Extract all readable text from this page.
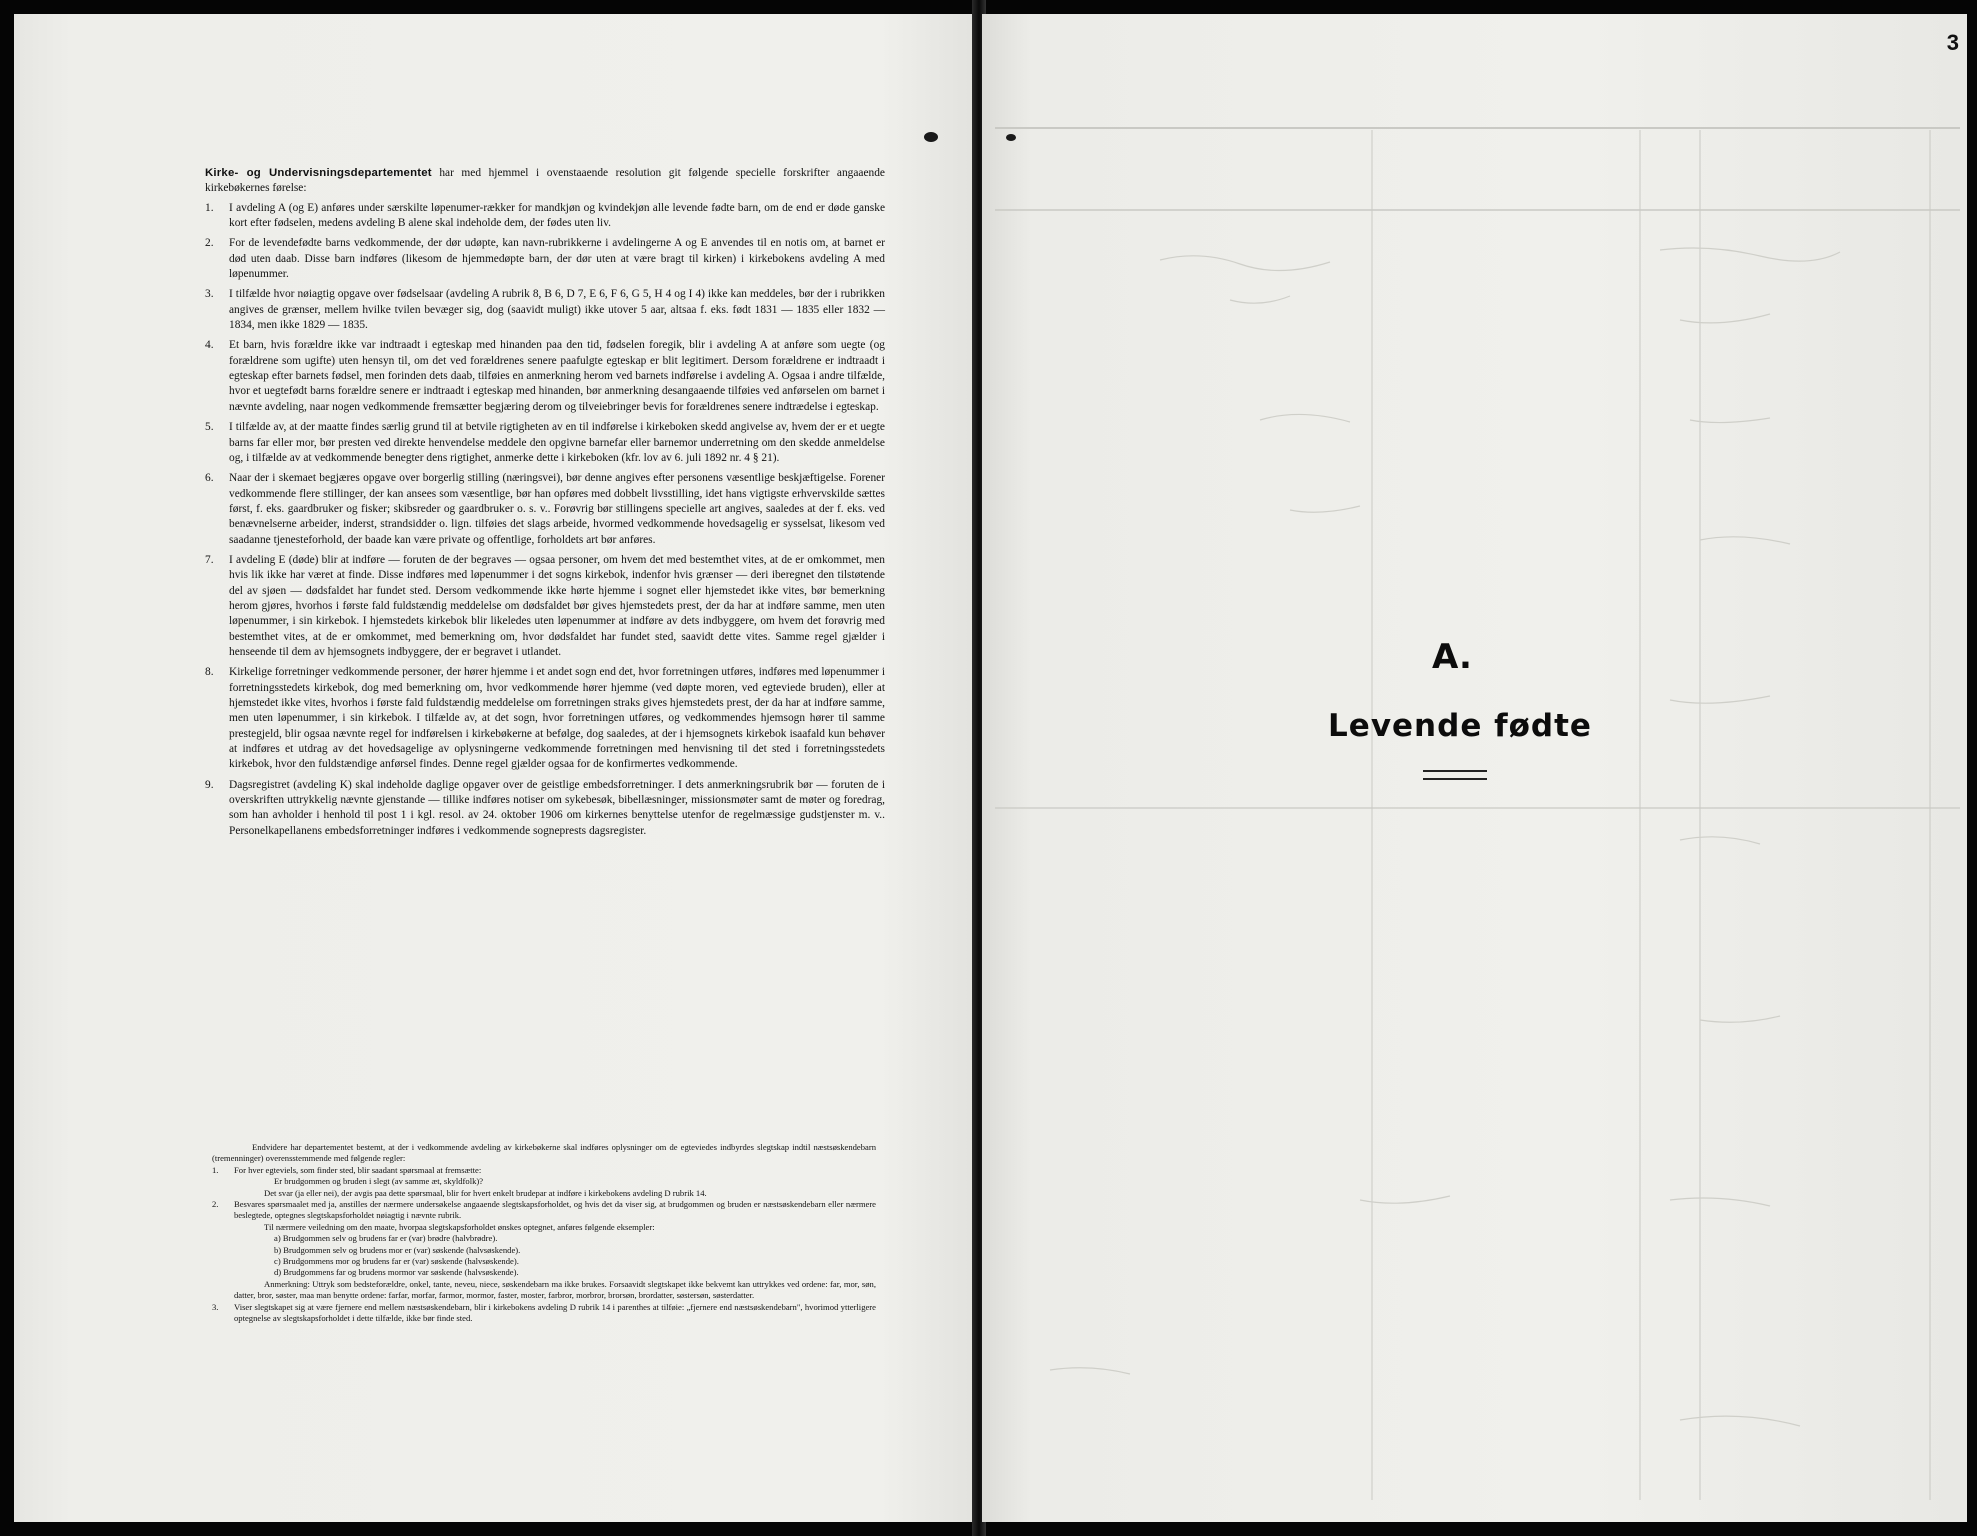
Kirke- og Undervisningsdepartementet har med hjemmel i ovenstaaende resolution git følgende specielle forskrifter angaaende kirkebøkernes førelse:

1. I avdeling A (og E) anføres under særskilte løpenumer-rækker for mandkjøn og kvindekjøn alle levende fødte barn, om de end er døde ganske kort efter fødselen, medens avdeling B alene skal indeholde dem, der fødes uten liv.
2. For de levendefødte barns vedkommende, der dør udøpte, kan navn-rubrikkerne i avdelingerne A og E anvendes til en notis om, at barnet er død uten daab. Disse barn indføres (likesom de hjemmedøpte barn, der dør uten at være bragt til kirken) i kirkebokens avdeling A med løpenummer.
3. I tilfælde hvor nøiagtig opgave over fødselsaar (avdeling A rubrik 8, B 6, D 7, E 6, F 6, G 5, H 4 og I 4) ikke kan meddeles, bør der i rubrikken angives de grænser, mellem hvilke tvilen bevæger sig, dog (saavidt muligt) ikke utover 5 aar, altsaa f. eks. født 1831 — 1835 eller 1832 — 1834, men ikke 1829 — 1835.
4. Et barn, hvis forældre ikke var indtraadt i egteskap med hinanden paa den tid, fødselen foregik, blir i avdeling A at anføre som uegte (og forældrene som ugifte) uten hensyn til, om det ved forældrenes senere paafulgte egteskap er blit legitimert. Dersom forældrene er indtraadt i egteskap efter barnets fødsel, men forinden dets daab, tilføies en anmerkning herom ved barnets indførelse i avdeling A. Ogsaa i andre tilfælde, hvor et uegtefødt barns forældre senere er indtraadt i egteskap med hinanden, bør anmerkning desangaaende tilføies ved anførselen om barnet i nævnte avdeling, naar nogen vedkommende fremsætter begjæring derom og tilveiebringer bevis for forældrenes senere indtrædelse i egteskap.
5. I tilfælde av, at der maatte findes særlig grund til at betvile rigtigheten av en til indførelse i kirkeboken skedd angivelse av, hvem der er et uegte barns far eller mor, bør presten ved direkte henvendelse meddele den opgivne barnefar eller barnemor underretning om den skedde anmeldelse og, i tilfælde av at vedkommende benegter dens rigtighet, anmerke dette i kirkeboken (kfr. lov av 6. juli 1892 nr. 4 § 21).
6. Naar der i skemaet begjæres opgave over borgerlig stilling (næringsvei), bør denne angives efter personens væsentlige beskjæftigelse. Forener vedkommende flere stillinger, der kan ansees som væsentlige, bør han opføres med dobbelt livsstilling, idet hans vigtigste erhvervskilde sættes først, f. eks. gaardbruker og fisker; skibsreder og gaardbruker o. s. v.. Forøvrig bør stillingens specielle art angives, saaledes at der f. eks. ved benævnelserne arbeider, inderst, strandsidder o. lign. tilføies det slags arbeide, hvormed vedkommende hovedsagelig er sysselsat, likesom ved saadanne tjenesteforhold, der baade kan være private og offentlige, forholdets art bør anføres.
7. I avdeling E (døde) blir at indføre — foruten de der begraves — ogsaa personer, om hvem det med bestemthet vites, at de er omkommet, men hvis lik ikke har været at finde. Disse indføres med løpenummer i det sogns kirkebok, indenfor hvis grænser — deri iberegnet den tilstøtende del av sjøen — dødsfaldet har fundet sted. Dersom vedkommende ikke hørte hjemme i sognet eller hjemstedet ikke vites, bør bemerkning herom gjøres, hvorhos i første fald fuldstændig meddelelse om dødsfaldet bør gives hjemstedets prest, der da har at indføre samme, men uten løpenummer, i sin kirkebok. I hjemstedets kirkebok blir likeledes uten løpenummer at indføre av dets indbyggere, om hvem det forøvrig med bestemthet vites, at de er omkommet, med bemerkning om, hvor dødsfaldet har fundet sted, saavidt dette vites. Samme regel gjælder i henseende til dem av hjemsognets indbyggere, der er begravet i utlandet.
8. Kirkelige forretninger vedkommende personer, der hører hjemme i et andet sogn end det, hvor forretningen utføres, indføres med løpenummer i forretningsstedets kirkebok, dog med bemerkning om, hvor vedkommende hører hjemme (ved døpte moren, ved egteviede bruden), eller at hjemstedet ikke vites, hvorhos i første fald fuldstændig meddelelse om forretningen straks gives hjemstedets prest, der da har at indføre samme, men uten løpenummer, i sin kirkebok. I tilfælde av, at det sogn, hvor forretningen utføres, og vedkommendes hjemsogn hører til samme prestegjeld, blir ogsaa nævnte regel for indførelsen i kirkebøkerne at befølge, dog saaledes, at der i hjemsognets kirkebok isaafald kun behøver at indføres et utdrag av det hovedsagelige av oplysningerne vedkommende forretningen med henvisning til det sted i forretningsstedets kirkebok, hvor den fuldstændige anførsel findes. Denne regel gjælder ogsaa for de konfirmertes vedkommende.
9. Dagsregistret (avdeling K) skal indeholde daglige opgaver over de geistlige embedsforretninger. I dets anmerkningsrubrik bør — foruten de i overskriften uttrykkelig nævnte gjenstande — tillike indføres notiser om sykebesøk, bibellæsninger, missionsmøter samt de møter og foredrag, som han avholder i henhold til post 1 i kgl. resol. av 24. oktober 1906 om kirkernes benyttelse utenfor de regelmæssige gudstjenster m. v.. Personelkapellanens embedsforretninger indføres i vedkommende sogneprests dagsregister.

Endvidere har departementet bestemt, at der i vedkommende avdeling av kirkebøkerne skal indføres oplysninger om de egteviedes indbyrdes slegtskap indtil næstsøskendebarn (tremenninger) overensstemmende med følgende regler:

1. For hver egteviels, som finder sted, blir saadant spørsmaal at fremsætte:

Er brudgommen og bruden i slegt (av samme æt, skyldfolk)?

Det svar (ja eller nei), der avgis paa dette spørsmaal, blir for hvert enkelt brudepar at indføre i kirkebokens avdeling D rubrik 14.

2. Besvares spørsmaalet med ja, anstilles der nærmere undersøkelse angaaende slegtskapsforholdet, og hvis det da viser sig, at brudgommen og bruden er næstsøskendebarn eller nærmere beslegtede, optegnes slegtskapsforholdet nøiagtig i nævnte rubrik.

Til nærmere veiledning om den maate, hvorpaa slegtskapsforholdet ønskes optegnet, anføres følgende eksempler:

a) Brudgommen selv og brudens far er (var) brødre (halvbrødre).

b) Brudgommen selv og brudens mor er (var) søskende (halvsøskende).

c) Brudgommens mor og brudens far er (var) søskende (halvsøskende).

d) Brudgommens far og brudens mormor var søskende (halvsøskende).

Anmerkning: Uttryk som bedsteforældre, onkel, tante, neveu, niece, søskendebarn ma ikke brukes. Forsaavidt slegtskapet ikke bekvemt kan uttrykkes ved ordene: far, mor, søn, datter, bror, søster, maa man benytte ordene: farfar, morfar, farmor, mormor, faster, moster, farbror, morbror, brorsøn, brordatter, søstersøn, søsterdatter.

3. Viser slegtskapet sig at være fjernere end mellem næstsøskendebarn, blir i kirkebokens avdeling D rubrik 14 i parenthes at tilføie: „fjernere end næstsøskendebarn", hvorimod ytterligere optegnelse av slegtskapsforholdet i dette tilfælde, ikke bør finde sted.

3
A.
Levende fødte
